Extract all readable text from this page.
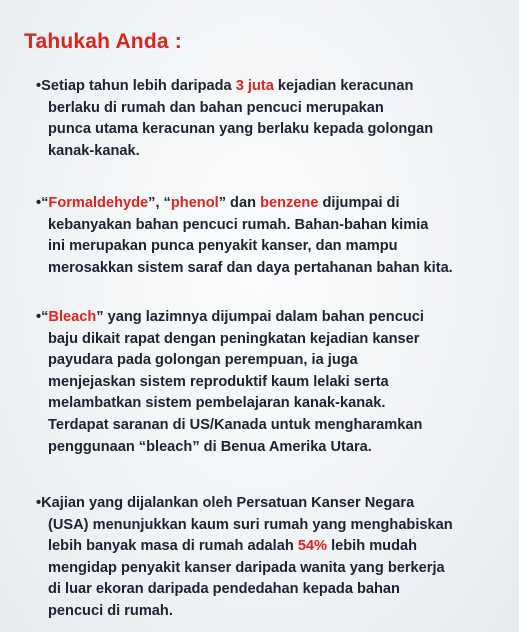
Tahukah Anda :
•Setiap tahun lebih daripada 3 juta kejadian keracunan
berlaku di rumah dan bahan pencuci merupakan
punca utama keracunan yang berlaku kepada golongan
kanak-kanak.
•“Formaldehyde”, “phenol” dan benzene dijumpai di
kebanyakan bahan pencuci rumah. Bahan-bahan kimia
ini merupakan punca penyakit kanser, dan mampu
merosakkan sistem saraf dan daya pertahanan bahan kita.
•“Bleach” yang lazimnya dijumpai dalam bahan pencuci
baju dikait rapat dengan peningkatan kejadian kanser
payudara pada golongan perempuan, ia juga
menjejaskan sistem reproduktif kaum lelaki serta
melambatkan sistem pembelajaran kanak-kanak.
Terdapat saranan di US/Kanada untuk mengharamkan
penggunaan “bleach” di Benua Amerika Utara.
•Kajian yang dijalankan oleh Persatuan Kanser Negara
(USA) menunjukkan kaum suri rumah yang menghabiskan
lebih banyak masa di rumah adalah 54% lebih mudah
mengidap penyakit kanser daripada wanita yang berkerja
di luar ekoran daripada pendedahan kepada bahan
pencuci di rumah.
